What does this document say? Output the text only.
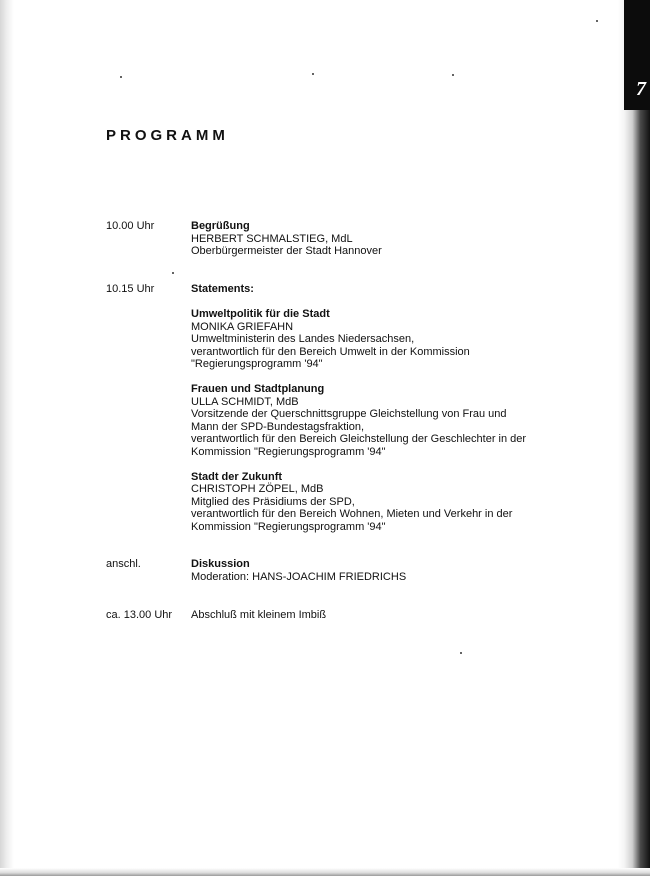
7
PROGRAMM
10.00 Uhr	Begrüßung
HERBERT SCHMALSTIEG, MdL
Oberbürgermeister der Stadt Hannover
10.15 Uhr	Statements:
Umweltpolitik für die Stadt
MONIKA GRIEFAHN
Umweltministerin des Landes Niedersachsen,
verantwortlich für den Bereich Umwelt in der Kommission
"Regierungsprogramm '94"
Frauen und Stadtplanung
ULLA SCHMIDT, MdB
Vorsitzende der Querschnittsgruppe Gleichstellung von Frau und
Mann der SPD-Bundestagsfraktion,
verantwortlich für den Bereich Gleichstellung der Geschlechter in der
Kommission "Regierungsprogramm '94"
Stadt der Zukunft
CHRISTOPH ZÖPEL, MdB
Mitglied des Präsidiums der SPD,
verantwortlich für den Bereich Wohnen, Mieten und Verkehr in der
Kommission "Regierungsprogramm '94"
anschl.	Diskussion
Moderation: HANS-JOACHIM FRIEDRICHS
ca. 13.00 Uhr	Abschluß mit kleinem Imbiß
